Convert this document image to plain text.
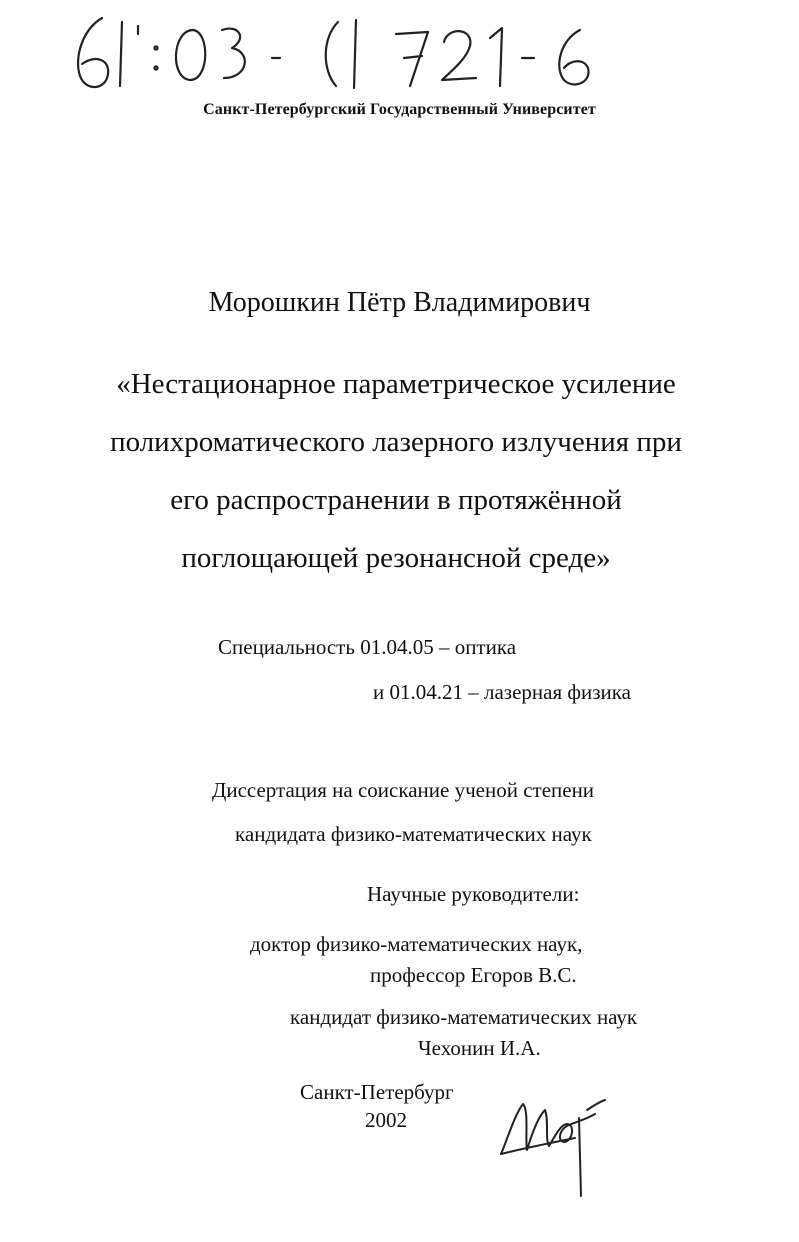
Санкт-Петербургский Государственный Университет
Морошкин Пётр Владимирович
«Нестационарное параметрическое усиление
полихроматического лазерного излучения при
его распространении в протяжённой
поглощающей резонансной среде»
Специальность 01.04.05 – оптика
и 01.04.21 – лазерная физика
Диссертация на соискание ученой степени
кандидата физико-математических наук
Научные руководители:
доктор физико-математических наук,
профессор Егоров В.С.
кандидат физико-математических наук
Чехонин И.А.
Санкт-Петербург
2002
